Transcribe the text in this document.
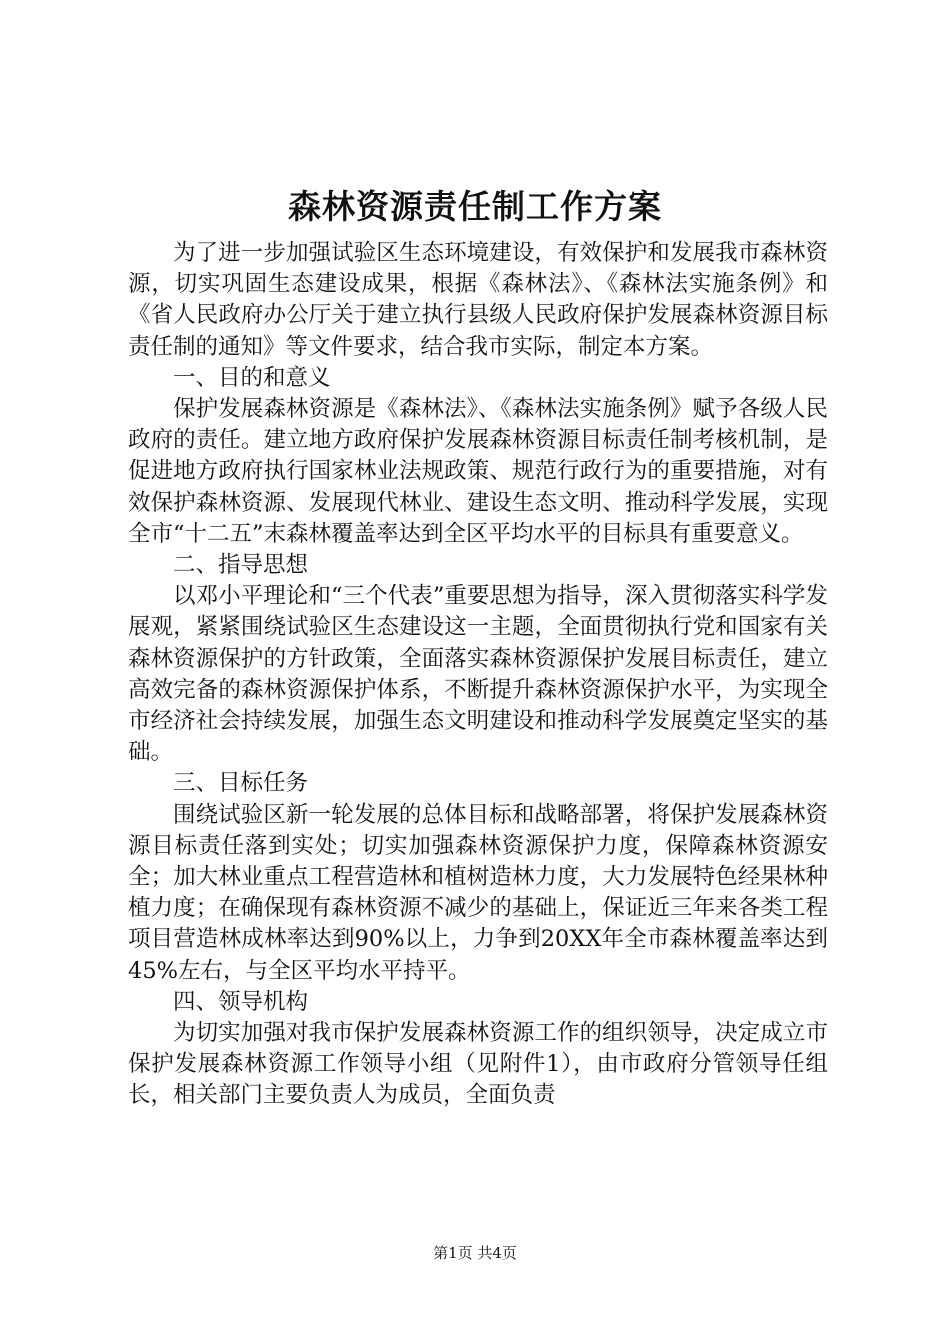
森林资源责任制工作方案

为了进一步加强试验区生态环境建设，有效保护和发展我市森林资源，切实巩固生态建设成果，根据《森林法》、《森林法实施条例》和《省人民政府办公厅关于建立执行县级人民政府保护发展森林资源目标责任制的通知》等文件要求，结合我市实际，制定本方案。

一、目的和意义

保护发展森林资源是《森林法》、《森林法实施条例》赋予各级人民政府的责任。建立地方政府保护发展森林资源目标责任制考核机制，是促进地方政府执行国家林业法规政策、规范行政行为的重要措施，对有效保护森林资源、发展现代林业、建设生态文明、推动科学发展，实现全市“十二五”末森林覆盖率达到全区平均水平的目标具有重要意义。

二、指导思想

以邓小平理论和“三个代表”重要思想为指导，深入贯彻落实科学发展观，紧紧围绕试验区生态建设这一主题，全面贯彻执行党和国家有关森林资源保护的方针政策，全面落实森林资源保护发展目标责任，建立高效完备的森林资源保护体系，不断提升森林资源保护水平，为实现全市经济社会持续发展，加强生态文明建设和推动科学发展奠定坚实的基础。

三、目标任务

围绕试验区新一轮发展的总体目标和战略部署，将保护发展森林资源目标责任落到实处；切实加强森林资源保护力度，保障森林资源安全；加大林业重点工程营造林和植树造林力度，大力发展特色经果林种植力度；在确保现有森林资源不减少的基础上，保证近三年来各类工程项目营造林成林率达到90%以上，力争到20XX年全市森林覆盖率达到45%左右，与全区平均水平持平。

四、领导机构

为切实加强对我市保护发展森林资源工作的组织领导，决定成立市保护发展森林资源工作领导小组（见附件1），由市政府分管领导任组长，相关部门主要负责人为成员，全面负责

第1页 共4页
